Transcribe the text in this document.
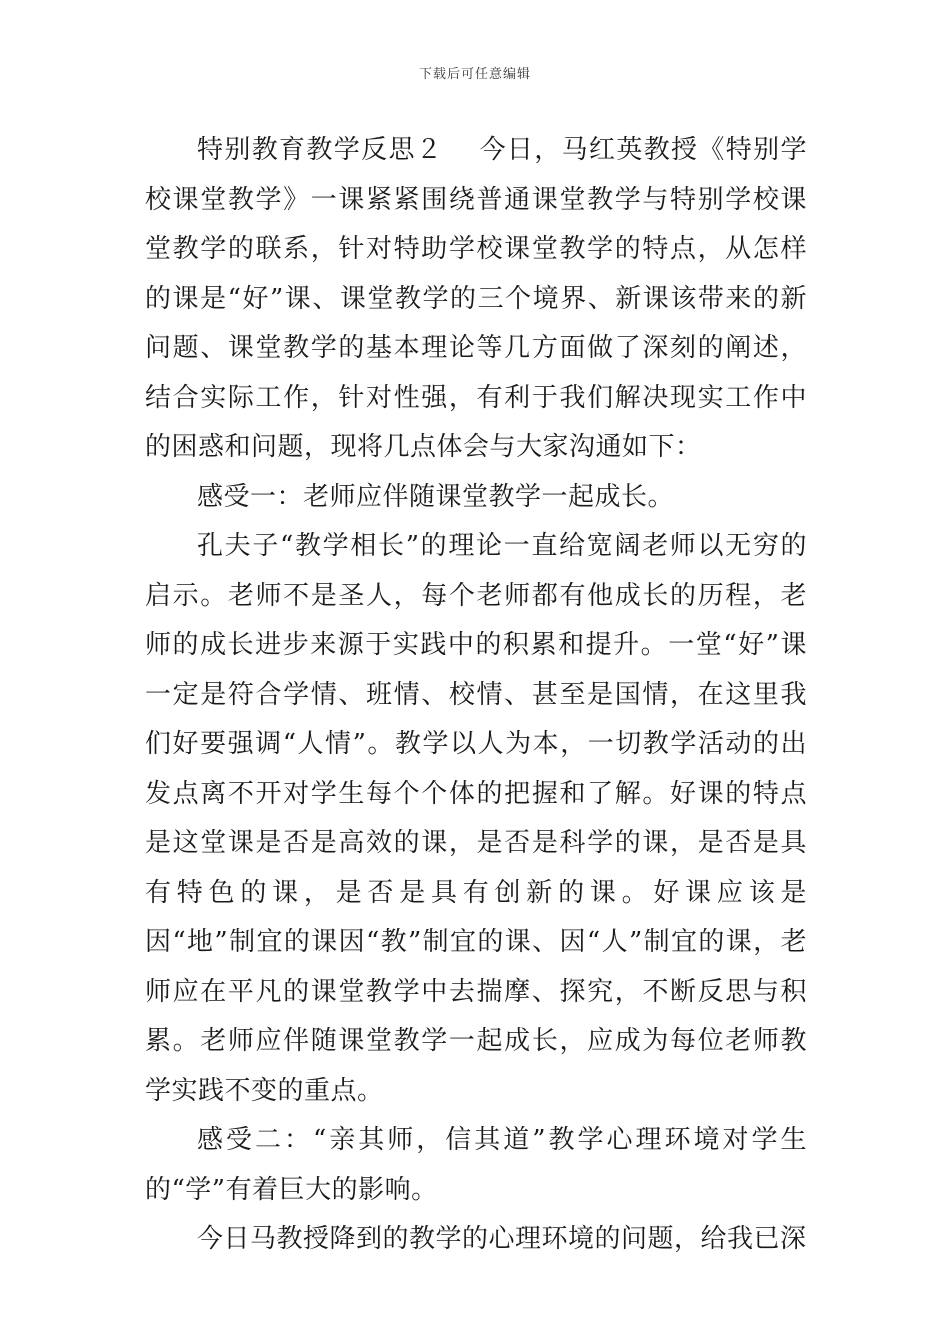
下载后可任意编辑

特别教育教学反思２ 今日，马红英教授《特别学校课堂教学》一课紧紧围绕普通课堂教学与特别学校课堂教学的联系，针对特助学校课堂教学的特点，从怎样的课是“好”课、课堂教学的三个境界、新课该带来的新问题、课堂教学的基本理论等几方面做了深刻的阐述，结合实际工作，针对性强，有利于我们解决现实工作中的困惑和问题，现将几点体会与大家沟通如下：

感受一：老师应伴随课堂教学一起成长。

孔夫子“教学相长”的理论一直给宽阔老师以无穷的启示。老师不是圣人，每个老师都有他成长的历程，老师的成长进步来源于实践中的积累和提升。一堂“好”课一定是符合学情、班情、校情、甚至是国情，在这里我们好要强调“人情”。教学以人为本，一切教学活动的出发点离不开对学生每个个体的把握和了解。好课的特点是这堂课是否是高效的课，是否是科学的课，是否是具有特色的课，是否是具有创新的课。好课应该是因“地”制宜的课因“教”制宜的课、因“人”制宜的课，老师应在平凡的课堂教学中去揣摩、探究，不断反思与积累。老师应伴随课堂教学一起成长，应成为每位老师教学实践不变的重点。

感受二：“亲其师，信其道”教学心理环境对学生的“学”有着巨大的影响。

今日马教授降到的教学的心理环境的问题，给我已深
